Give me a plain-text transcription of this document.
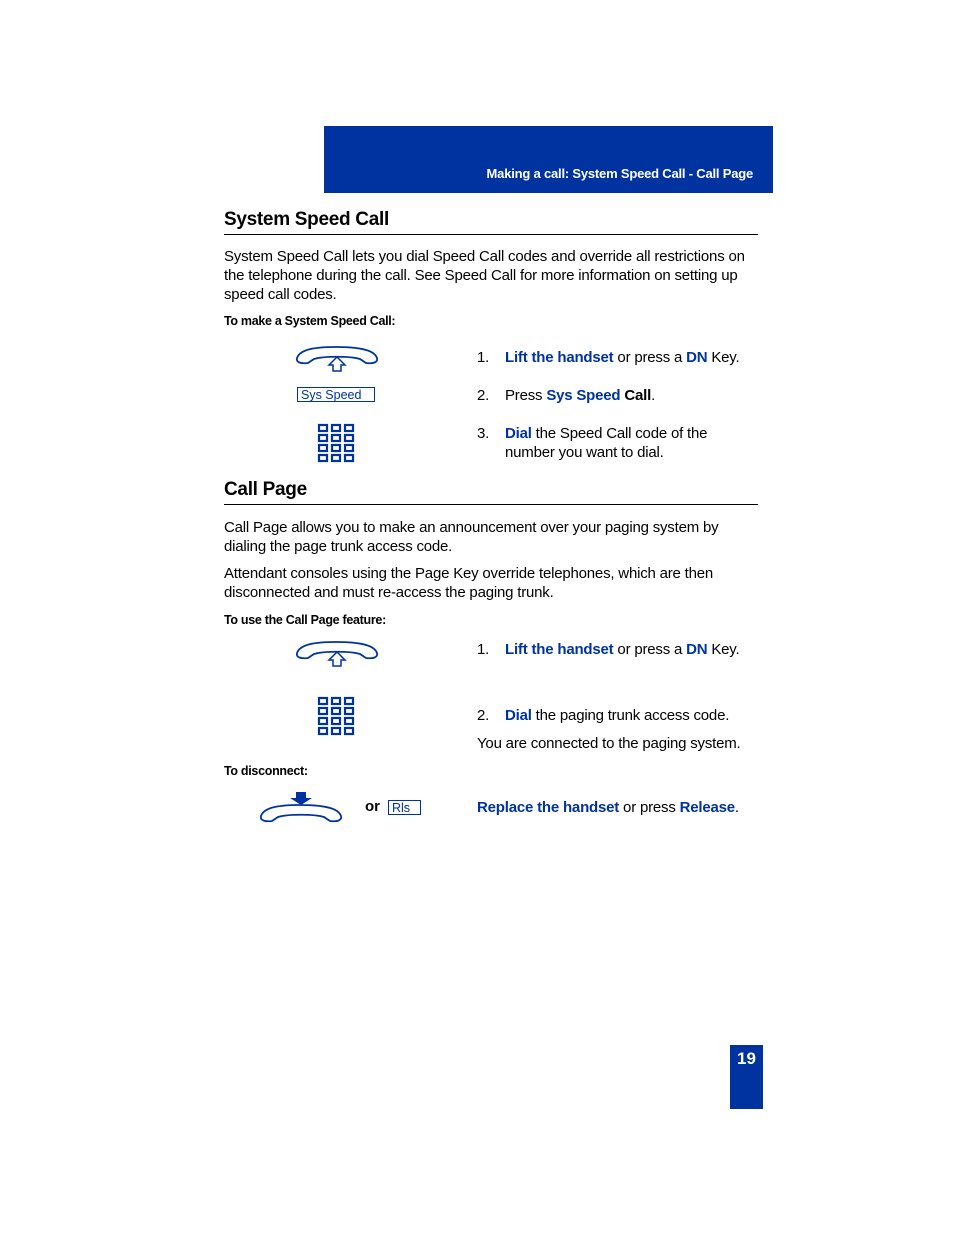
Making a call: System Speed Call - Call Page
System Speed Call
System Speed Call lets you dial Speed Call codes and override all restrictions on the telephone during the call. See Speed Call for more information on setting up speed call codes.
To make a System Speed Call:
Sys Speed
1. Lift the handset or press a DN Key.
2. Press Sys Speed Call.
3. Dial the Speed Call code of the
number you want to dial.
Call Page
Call Page allows you to make an announcement over your paging system by dialing the page trunk access code.
Attendant consoles using the Page Key override telephones, which are then disconnected and must re-access the paging trunk.
To use the Call Page feature:
1. Lift the handset or press a DN Key.
2. Dial the paging trunk access code.
You are connected to the paging system.
To disconnect:
or Rls	Replace the handset or press Release.
19
